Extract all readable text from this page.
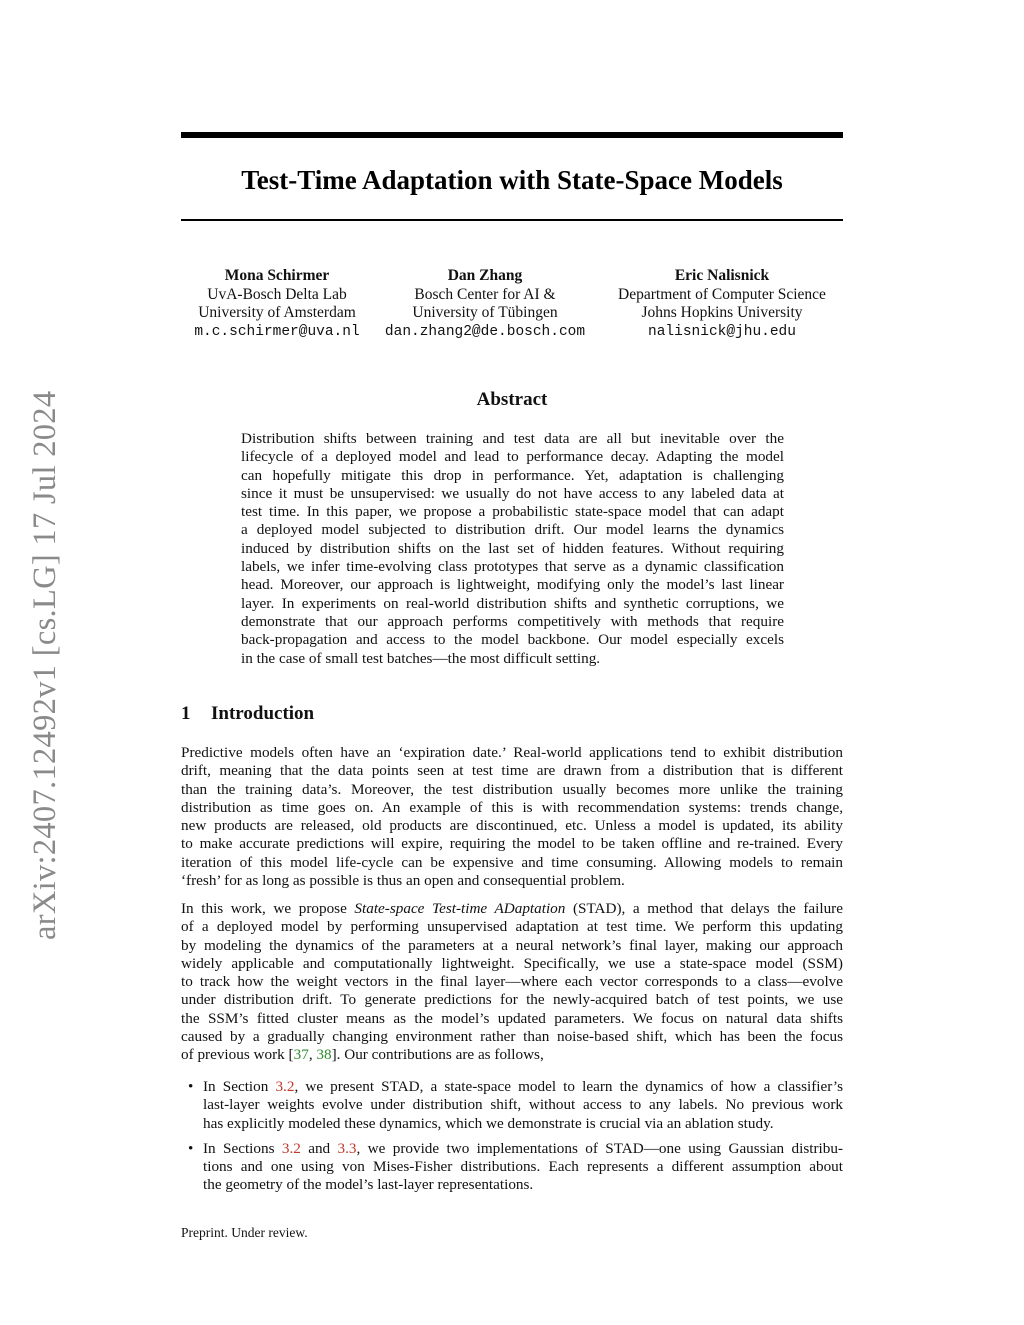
arXiv:2407.12492v1 [cs.LG] 17 Jul 2024
Test-Time Adaptation with State-Space Models
Mona Schirmer
UvA-Bosch Delta Lab
University of Amsterdam
m.c.schirmer@uva.nl
Dan Zhang
Bosch Center for AI &
University of Tübingen
dan.zhang2@de.bosch.com
Eric Nalisnick
Department of Computer Science
Johns Hopkins University
nalisnick@jhu.edu
Abstract
Distribution shifts between training and test data are all but inevitable over the
lifecycle of a deployed model and lead to performance decay. Adapting the model
can hopefully mitigate this drop in performance. Yet, adaptation is challenging
since it must be unsupervised: we usually do not have access to any labeled data at
test time. In this paper, we propose a probabilistic state-space model that can adapt
a deployed model subjected to distribution drift. Our model learns the dynamics
induced by distribution shifts on the last set of hidden features. Without requiring
labels, we infer time-evolving class prototypes that serve as a dynamic classification
head. Moreover, our approach is lightweight, modifying only the model’s last linear
layer. In experiments on real-world distribution shifts and synthetic corruptions, we
demonstrate that our approach performs competitively with methods that require
back-propagation and access to the model backbone. Our model especially excels
in the case of small test batches—the most difficult setting.
1 Introduction
Predictive models often have an ‘expiration date.’ Real-world applications tend to exhibit distribution
drift, meaning that the data points seen at test time are drawn from a distribution that is different
than the training data’s. Moreover, the test distribution usually becomes more unlike the training
distribution as time goes on. An example of this is with recommendation systems: trends change,
new products are released, old products are discontinued, etc. Unless a model is updated, its ability
to make accurate predictions will expire, requiring the model to be taken offline and re-trained. Every
iteration of this model life-cycle can be expensive and time consuming. Allowing models to remain
‘fresh’ for as long as possible is thus an open and consequential problem.
In this work, we propose State-space Test-time ADaptation (STAD), a method that delays the failure
of a deployed model by performing unsupervised adaptation at test time. We perform this updating
by modeling the dynamics of the parameters at a neural network’s final layer, making our approach
widely applicable and computationally lightweight. Specifically, we use a state-space model (SSM)
to track how the weight vectors in the final layer—where each vector corresponds to a class—evolve
under distribution drift. To generate predictions for the newly-acquired batch of test points, we use
the SSM’s fitted cluster means as the model’s updated parameters. We focus on natural data shifts
caused by a gradually changing environment rather than noise-based shift, which has been the focus
of previous work [37, 38]. Our contributions are as follows,
• In Section 3.2, we present STAD, a state-space model to learn the dynamics of how a classifier’s
last-layer weights evolve under distribution shift, without access to any labels. No previous work
has explicitly modeled these dynamics, which we demonstrate is crucial via an ablation study.
• In Sections 3.2 and 3.3, we provide two implementations of STAD—one using Gaussian distribu-
tions and one using von Mises-Fisher distributions. Each represents a different assumption about
the geometry of the model’s last-layer representations.
Preprint. Under review.
